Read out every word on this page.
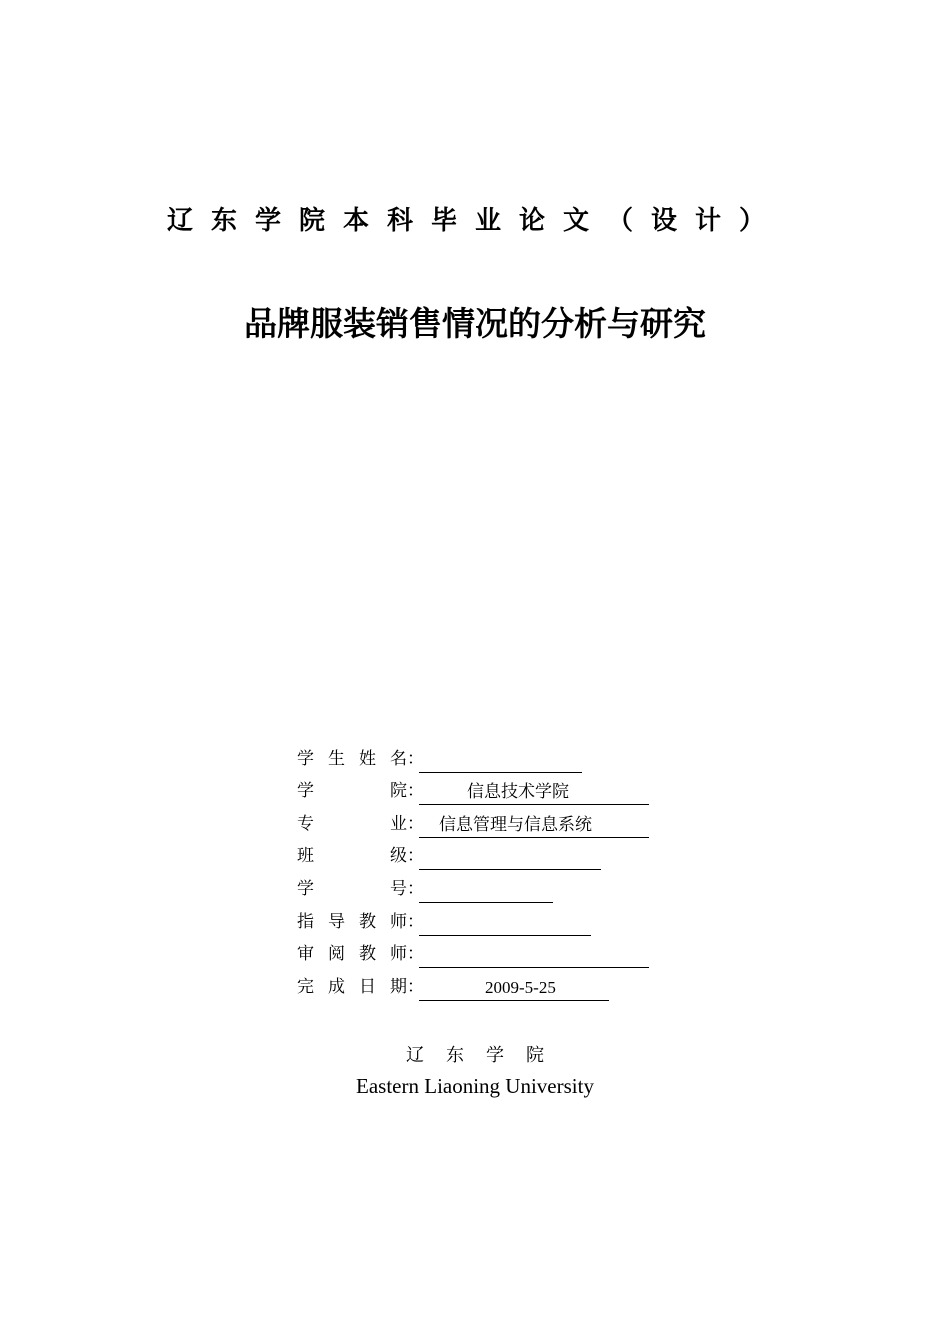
辽东学院本科毕业论文（设计）
品牌服装销售情况的分析与研究
学 生 姓 名 ：
学	院 ：	信息技术学院
专	业 ： 信息管理与信息系统
班	级 ：
学	号 ：
指 导 教 师 ：
审 阅 教 师 ：
完 成 日 期 ：	2009-5-25
辽东学院
Eastern Liaoning University
